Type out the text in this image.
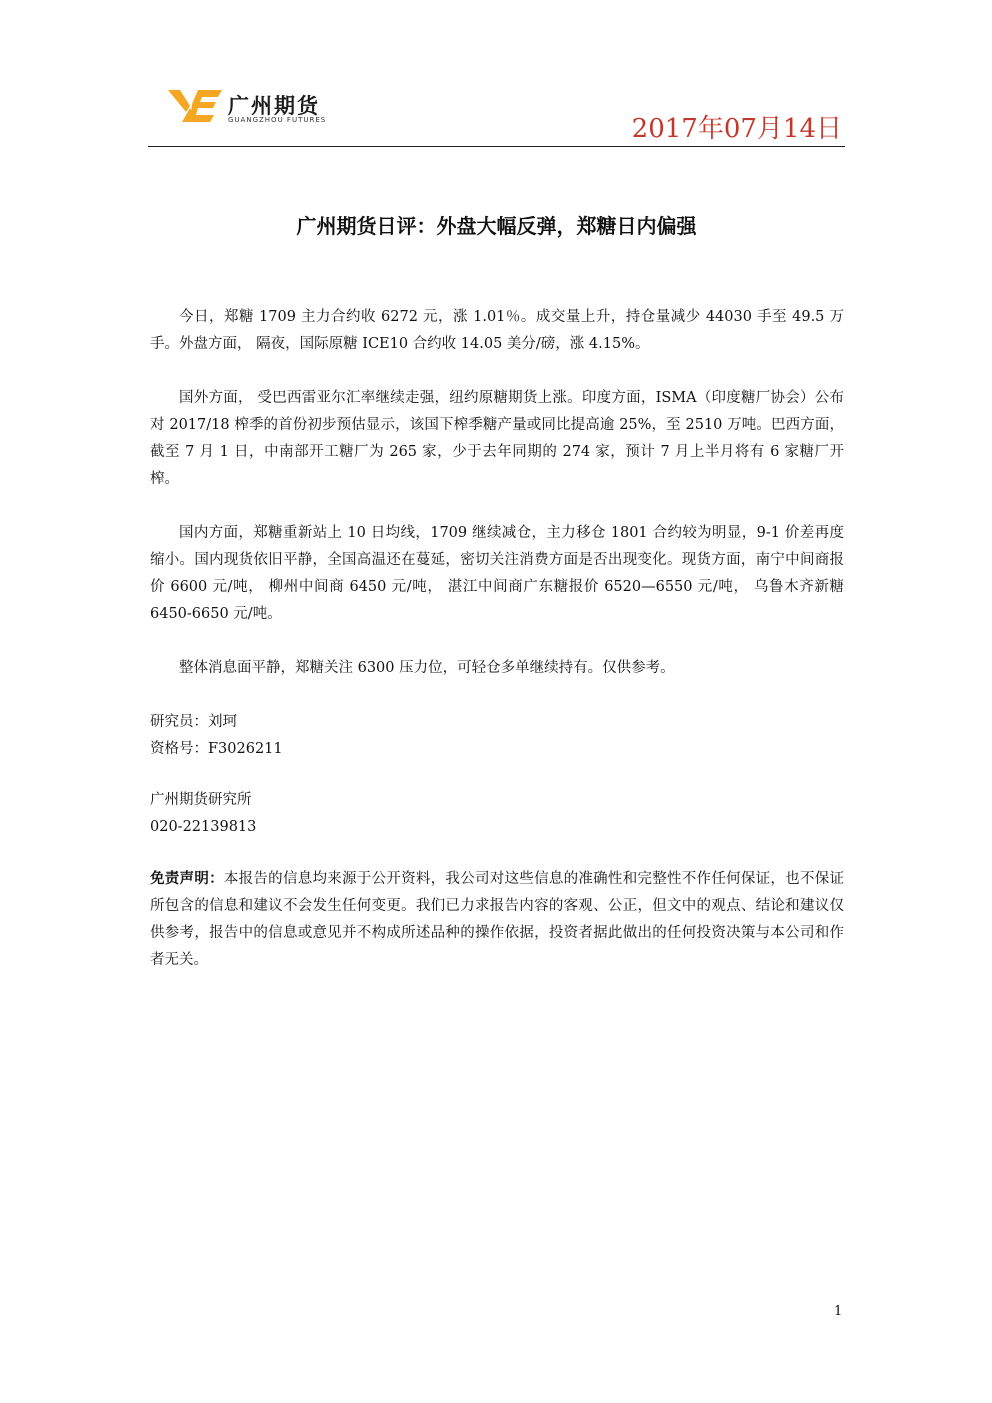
广州期货
GUANGZHOU FUTURES	2017年07月14日
广州期货日评：外盘大幅反弹，郑糖日内偏强

今日，郑糖 1709 主力合约收 6272 元，涨 1.01％。成交量上升，持仓量减少 44030 手至 49.5 万手。外盘方面， 隔夜，国际原糖 ICE10 合约收 14.05 美分/磅，涨 4.15%。

国外方面， 受巴西雷亚尔汇率继续走强，纽约原糖期货上涨。印度方面，ISMA（印度糖厂协会）公布对 2017/18 榨季的首份初步预估显示，该国下榨季糖产量或同比提高逾 25%，至 2510 万吨。巴西方面，截至 7 月 1 日，中南部开工糖厂为 265 家，少于去年同期的 274 家，预计 7 月上半月将有 6 家糖厂开榨。

国内方面，郑糖重新站上 10 日均线，1709 继续减仓，主力移仓 1801 合约较为明显，9-1 价差再度缩小。国内现货依旧平静，全国高温还在蔓延，密切关注消费方面是否出现变化。现货方面，南宁中间商报价 6600 元/吨， 柳州中间商 6450 元/吨， 湛江中间商广东糖报价 6520—6550 元/吨， 乌鲁木齐新糖 6450-6650 元/吨。

整体消息面平静，郑糖关注 6300 压力位，可轻仓多单继续持有。仅供参考。

研究员：刘珂

资格号：F3026211

广州期货研究所

020-22139813

免责声明：本报告的信息均来源于公开资料，我公司对这些信息的准确性和完整性不作任何保证，也不保证所包含的信息和建议不会发生任何变更。我们已力求报告内容的客观、公正，但文中的观点、结论和建议仅供参考，报告中的信息或意见并不构成所述品种的操作依据，投资者据此做出的任何投资决策与本公司和作者无关。

1
